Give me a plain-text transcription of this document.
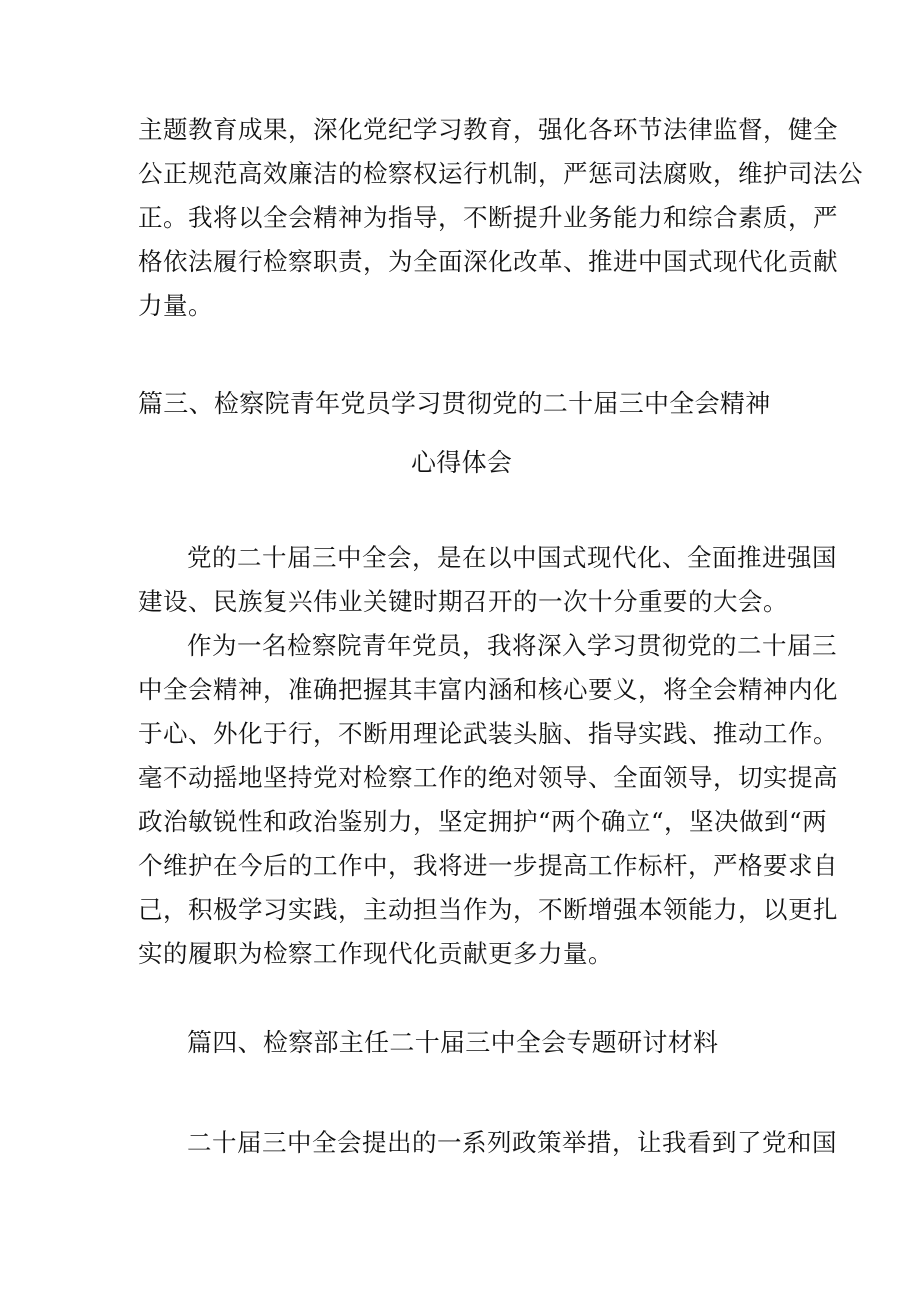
主题教育成果，深化党纪学习教育，强化各环节法律监督，健全
公正规范高效廉洁的检察权运行机制，严惩司法腐败，维护司法公
正。我将以全会精神为指导，不断提升业务能力和综合素质，严
格依法履行检察职责，为全面深化改革、推进中国式现代化贡献
力量。
篇三、检察院青年党员学习贯彻党的二十届三中全会精神
心得体会
党的二十届三中全会，是在以中国式现代化、全面推进强国
建设、民族复兴伟业关键时期召开的一次十分重要的大会。
作为一名检察院青年党员，我将深入学习贯彻党的二十届三
中全会精神，准确把握其丰富内涵和核心要义，将全会精神内化
于心、外化于行，不断用理论武装头脑、指导实践、推动工作。
毫不动摇地坚持党对检察工作的绝对领导、全面领导，切实提高
政治敏锐性和政治鉴别力，坚定拥护“两个确立“，坚决做到“两
个维护在今后的工作中，我将进一步提高工作标杆，严格要求自
己，积极学习实践，主动担当作为，不断增强本领能力，以更扎
实的履职为检察工作现代化贡献更多力量。
篇四、检察部主任二十届三中全会专题研讨材料
二十届三中全会提出的一系列政策举措，让我看到了党和国
